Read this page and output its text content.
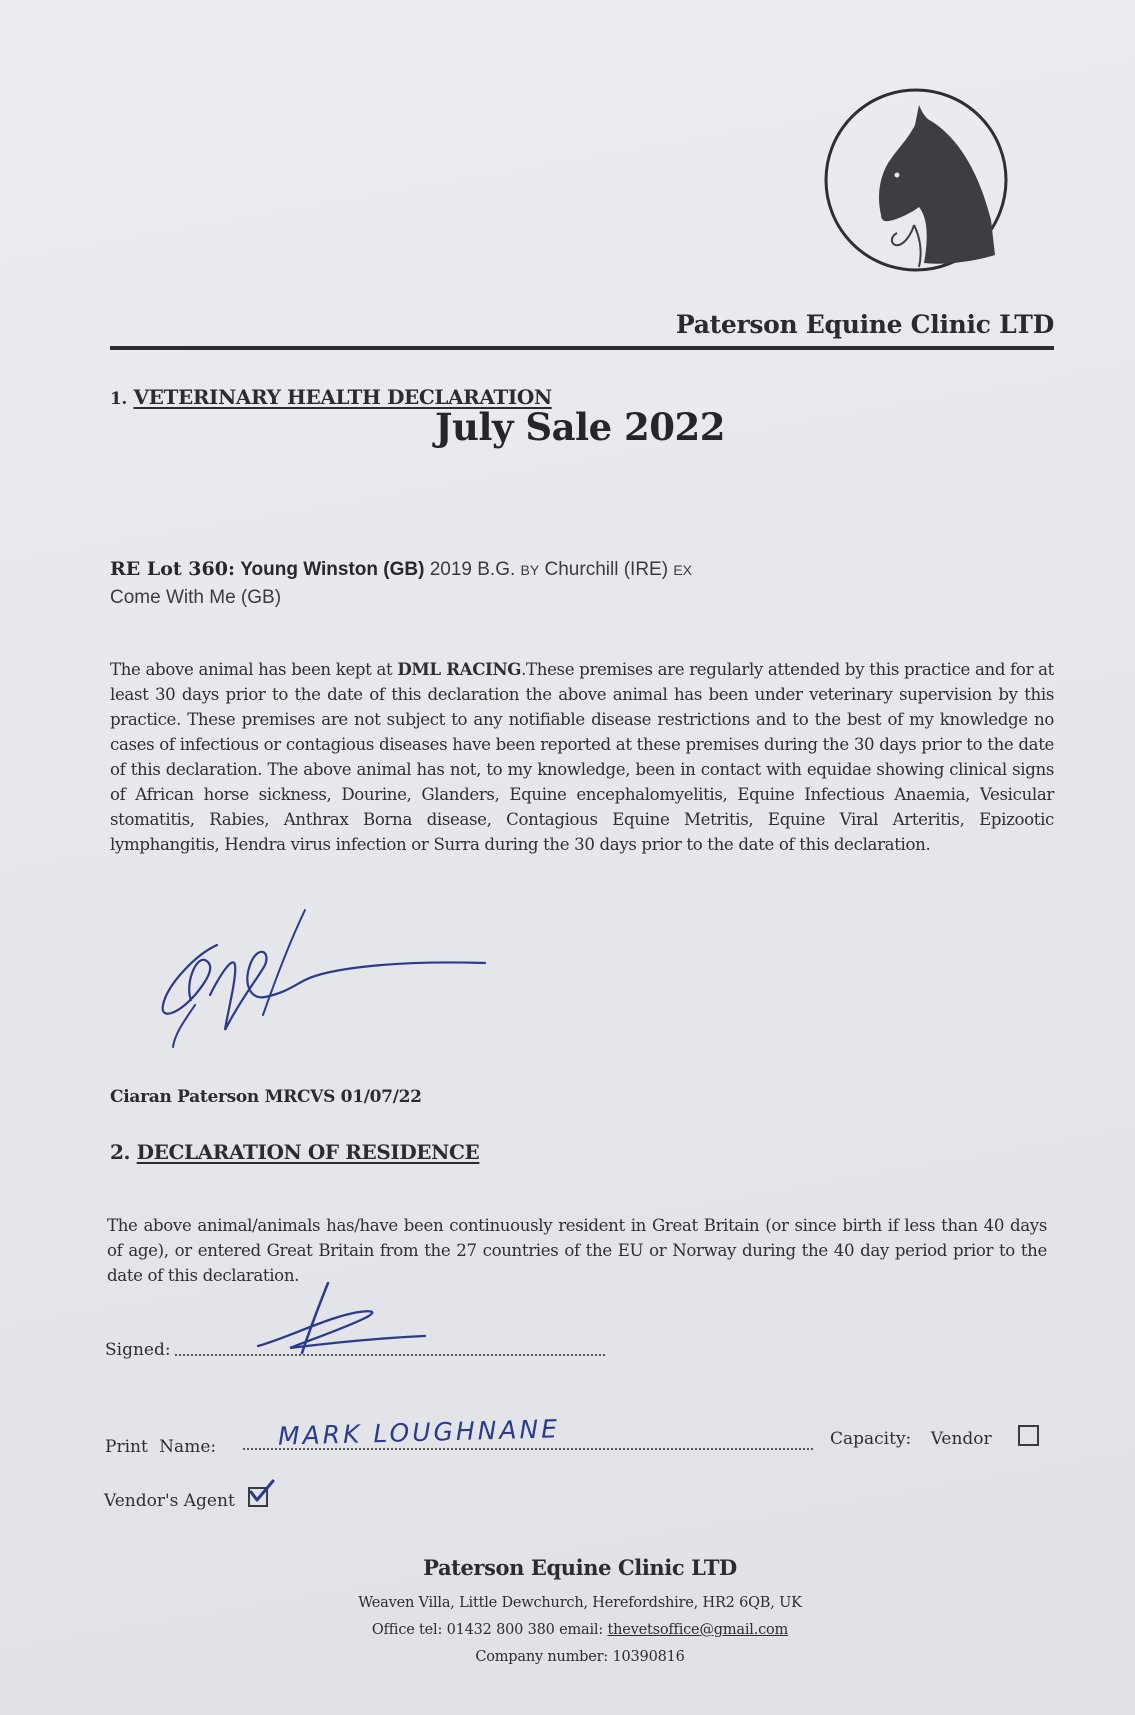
Paterson Equine Clinic LTD
1. VETERINARY HEALTH DECLARATION
July Sale 2022
RE Lot 360: Young Winston (GB) 2019 B.G. BY Churchill (IRE) EX
Come With Me (GB)
The above animal has been kept at DML RACING.These premises are regularly attended by this practice and for at least 30 days prior to the date of this declaration the above animal has been under veterinary supervision by this practice. These premises are not subject to any notifiable disease restrictions and to the best of my knowledge no cases of infectious or contagious diseases have been reported at these premises during the 30 days prior to the date of this declaration. The above animal has not, to my knowledge, been in contact with equidae showing clinical signs of African horse sickness, Dourine, Glanders, Equine encephalomyelitis, Equine Infectious Anaemia, Vesicular stomatitis, Rabies, Anthrax Borna disease, Contagious Equine Metritis, Equine Viral Arteritis, Epizootic lymphangitis, Hendra virus infection or Surra during the 30 days prior to the date of this declaration.
Ciaran Paterson MRCVS 01/07/22
2. DECLARATION OF RESIDENCE
The above animal/animals has/have been continuously resident in Great Britain (or since birth if less than 40 days of age), or entered Great Britain from the 27 countries of the EU or Norway during the 40 day period prior to the date of this declaration.
Signed:
Print Name: MARK LOUGHNANE	Capacity: Vendor
Vendor's Agent
Paterson Equine Clinic LTD
Weaven Villa, Little Dewchurch, Herefordshire, HR2 6QB, UK
Office tel: 01432 800 380 email: thevetsoffice@gmail.com
Company number: 10390816
